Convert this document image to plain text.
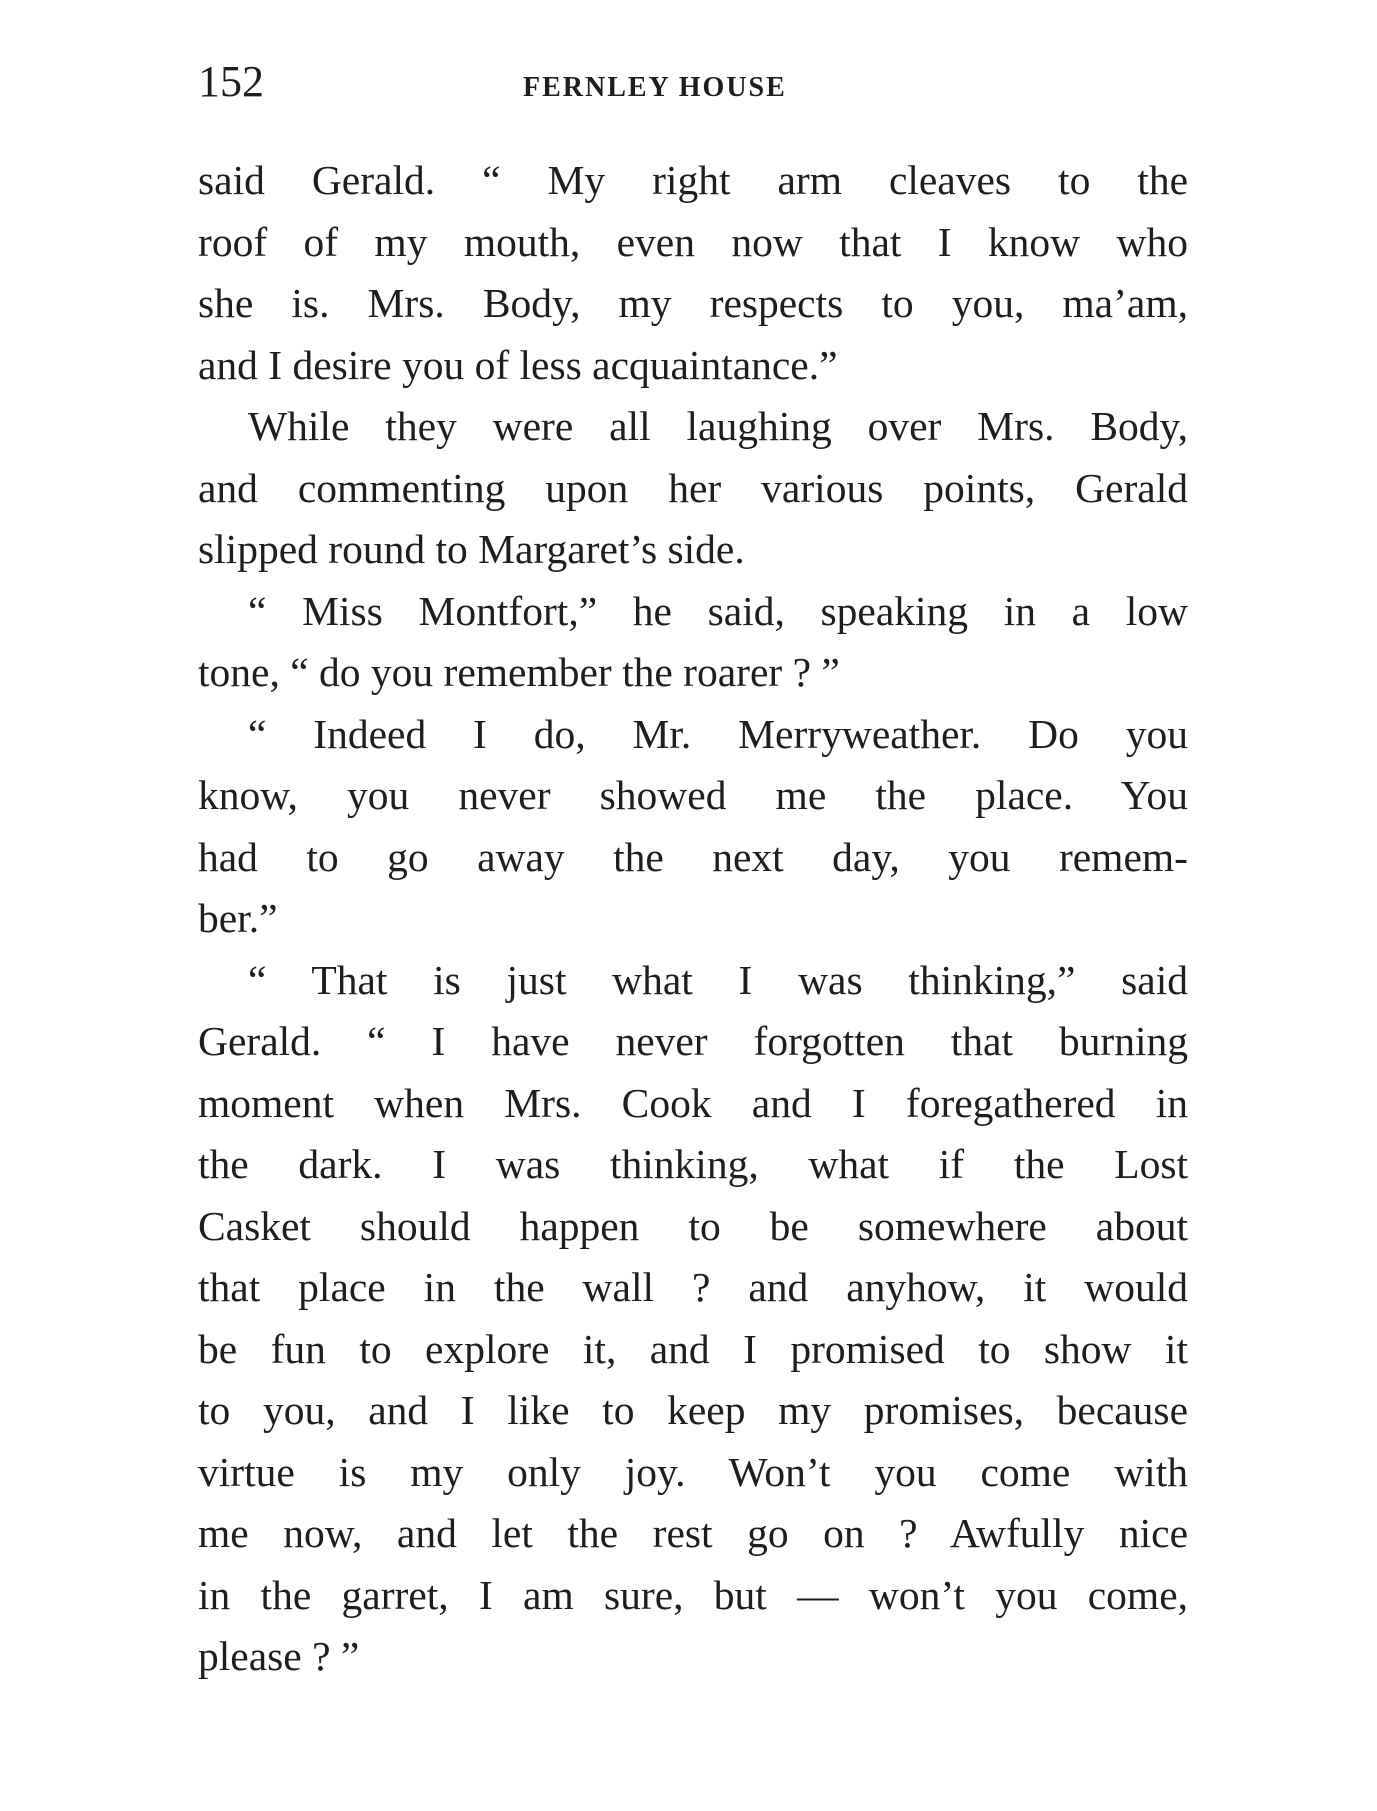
152	FERNLEY HOUSE

said Gerald. “ My right arm cleaves to the
roof of my mouth, even now that I know who
she is. Mrs. Body, my respects to you, ma’am,
and I desire you of less acquaintance.”

While they were all laughing over Mrs. Body,
and commenting upon her various points, Gerald
slipped round to Margaret’s side.

“ Miss Montfort,” he said, speaking in a low
tone, “ do you remember the roarer ? ”

“ Indeed I do, Mr. Merryweather. Do you
know, you never showed me the place. You
had to go away the next day, you remem-
ber.”

“ That is just what I was thinking,” said
Gerald. “ I have never forgotten that burning
moment when Mrs. Cook and I foregathered in
the dark. I was thinking, what if the Lost
Casket should happen to be somewhere about
that place in the wall ? and anyhow, it would
be fun to explore it, and I promised to show it
to you, and I like to keep my promises, because
virtue is my only joy. Won’t you come with
me now, and let the rest go on ? Awfully nice
in the garret, I am sure, but — won’t you come,
please ? ”
